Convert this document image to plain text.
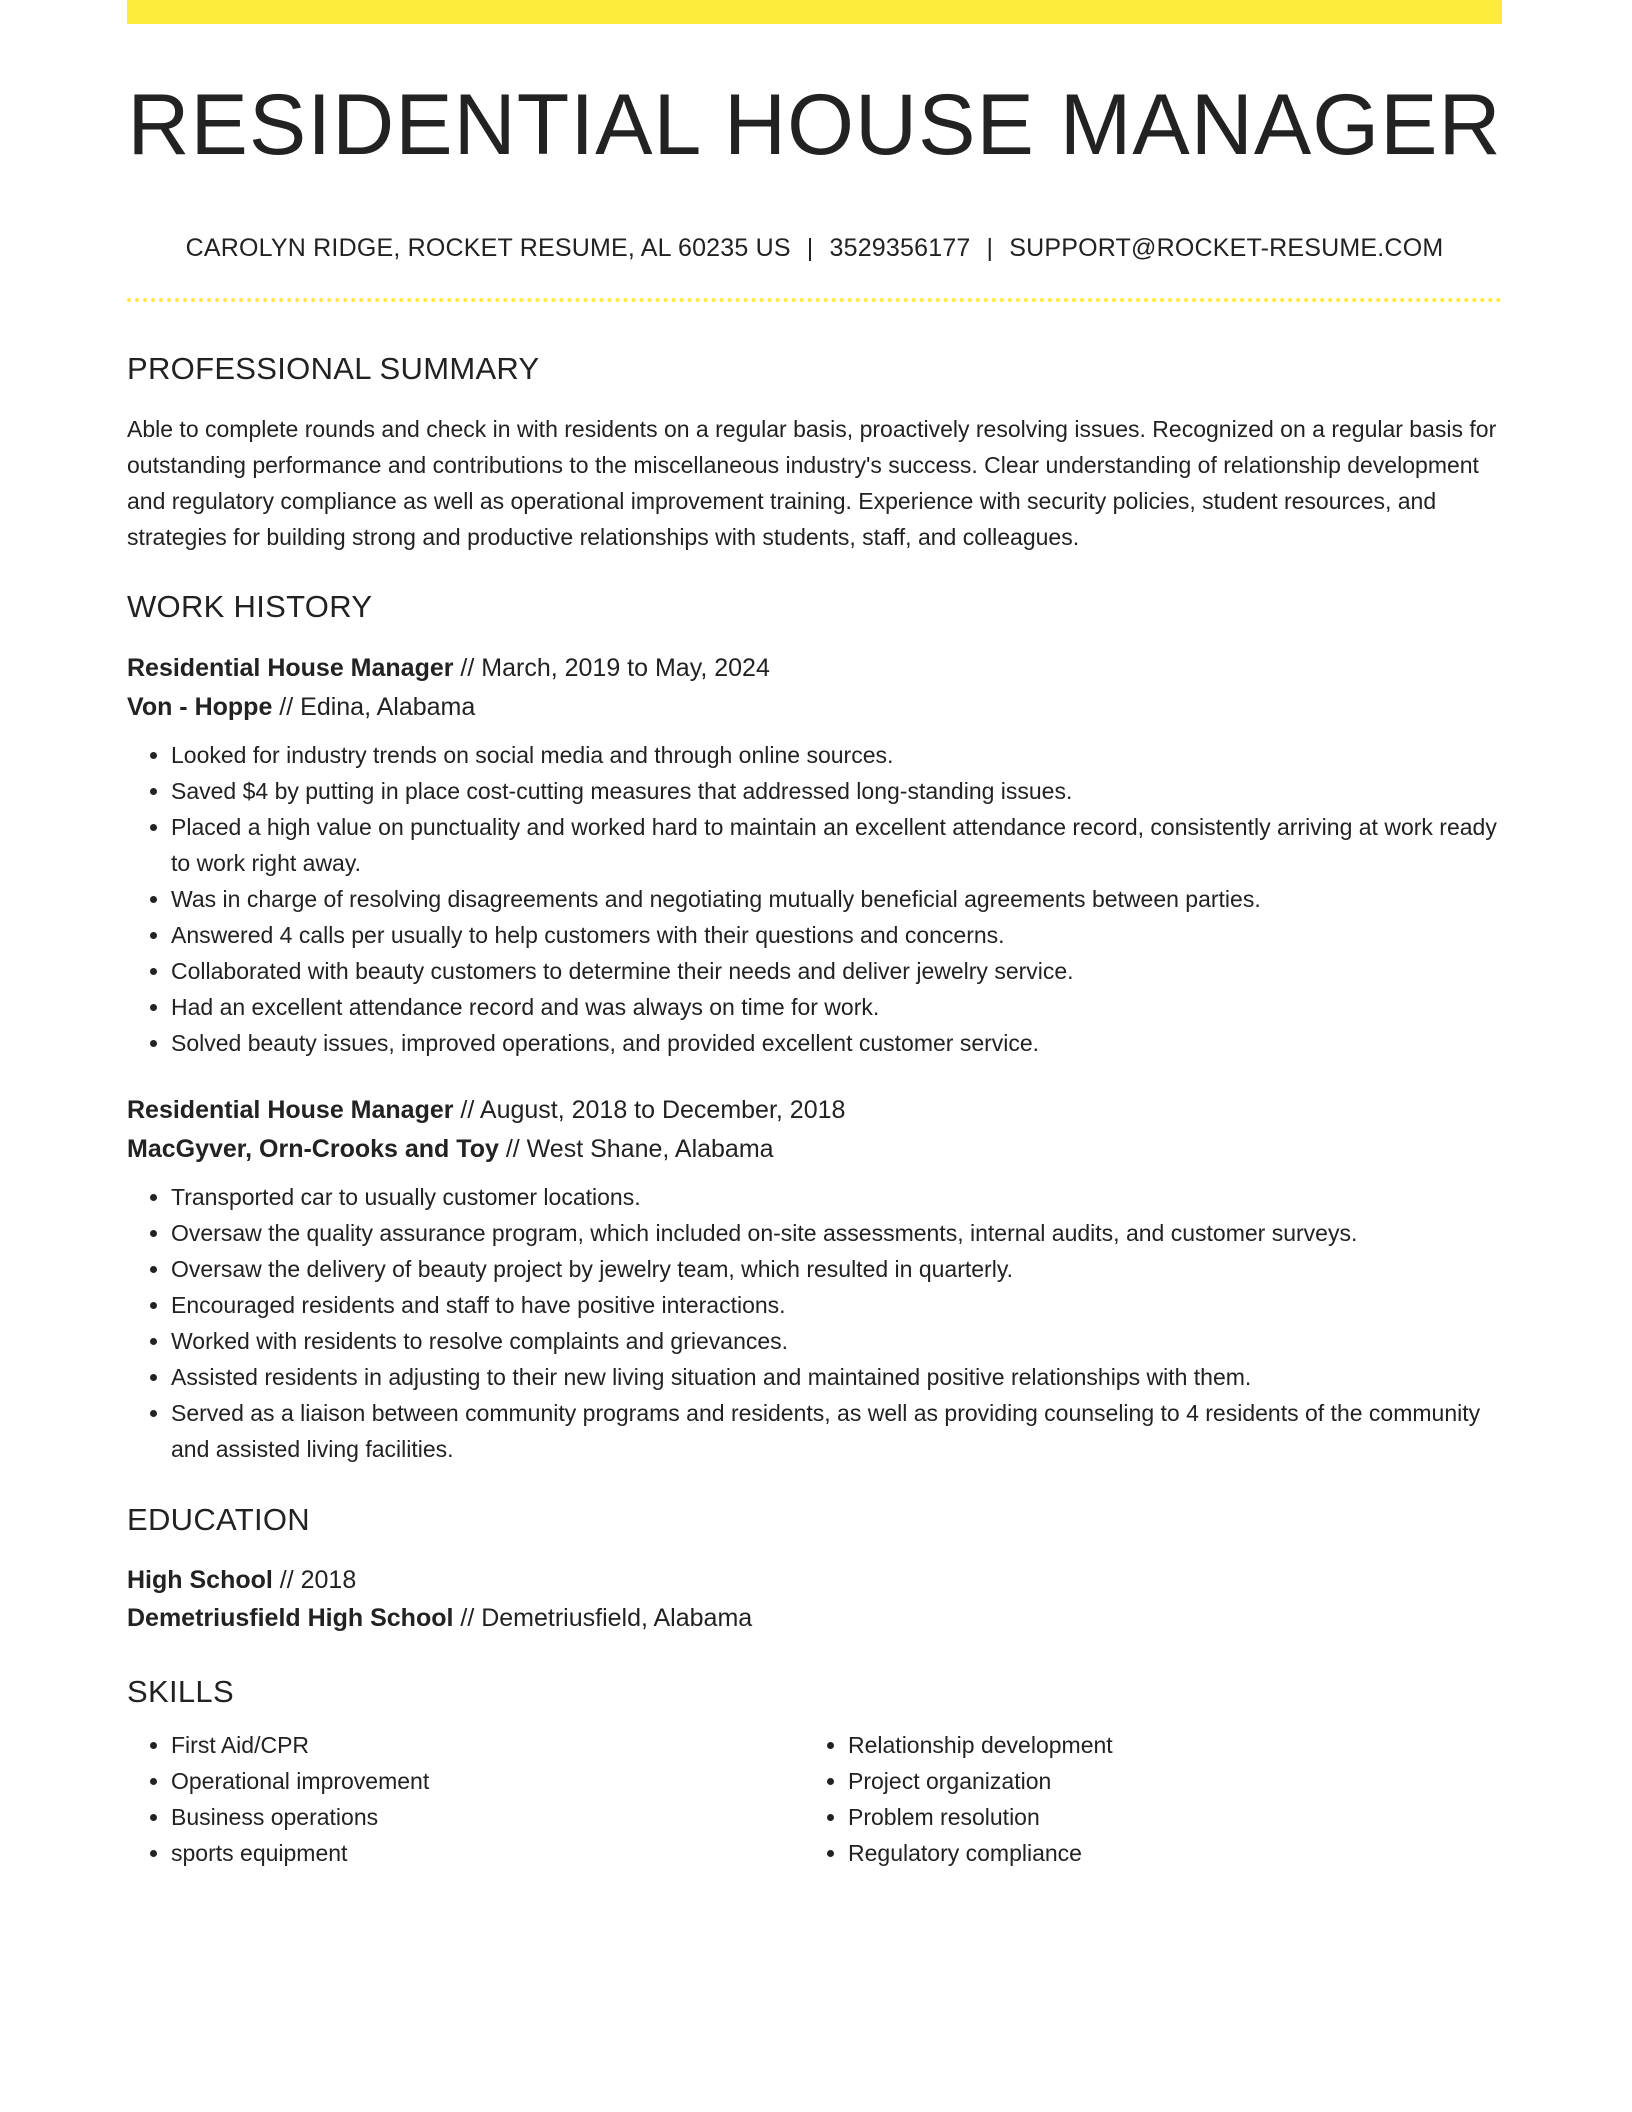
RESIDENTIAL HOUSE MANAGER
CAROLYN RIDGE, ROCKET RESUME, AL 60235 US | 3529356177 | SUPPORT@ROCKET-RESUME.COM
PROFESSIONAL SUMMARY
Able to complete rounds and check in with residents on a regular basis, proactively resolving issues. Recognized on a regular basis for outstanding performance and contributions to the miscellaneous industry's success. Clear understanding of relationship development and regulatory compliance as well as operational improvement training. Experience with security policies, student resources, and strategies for building strong and productive relationships with students, staff, and colleagues.
WORK HISTORY
Residential House Manager // March, 2019 to May, 2024
Von - Hoppe // Edina, Alabama
• Looked for industry trends on social media and through online sources.
• Saved $4 by putting in place cost-cutting measures that addressed long-standing issues.
• Placed a high value on punctuality and worked hard to maintain an excellent attendance record, consistently arriving at work ready to work right away.
• Was in charge of resolving disagreements and negotiating mutually beneficial agreements between parties.
• Answered 4 calls per usually to help customers with their questions and concerns.
• Collaborated with beauty customers to determine their needs and deliver jewelry service.
• Had an excellent attendance record and was always on time for work.
• Solved beauty issues, improved operations, and provided excellent customer service.
Residential House Manager // August, 2018 to December, 2018
MacGyver, Orn-Crooks and Toy // West Shane, Alabama
• Transported car to usually customer locations.
• Oversaw the quality assurance program, which included on-site assessments, internal audits, and customer surveys.
• Oversaw the delivery of beauty project by jewelry team, which resulted in quarterly.
• Encouraged residents and staff to have positive interactions.
• Worked with residents to resolve complaints and grievances.
• Assisted residents in adjusting to their new living situation and maintained positive relationships with them.
• Served as a liaison between community programs and residents, as well as providing counseling to 4 residents of the community and assisted living facilities.
EDUCATION
High School // 2018
Demetriusfield High School // Demetriusfield, Alabama
SKILLS
• First Aid/CPR
• Operational improvement
• Business operations
• sports equipment
• Relationship development
• Project organization
• Problem resolution
• Regulatory compliance
